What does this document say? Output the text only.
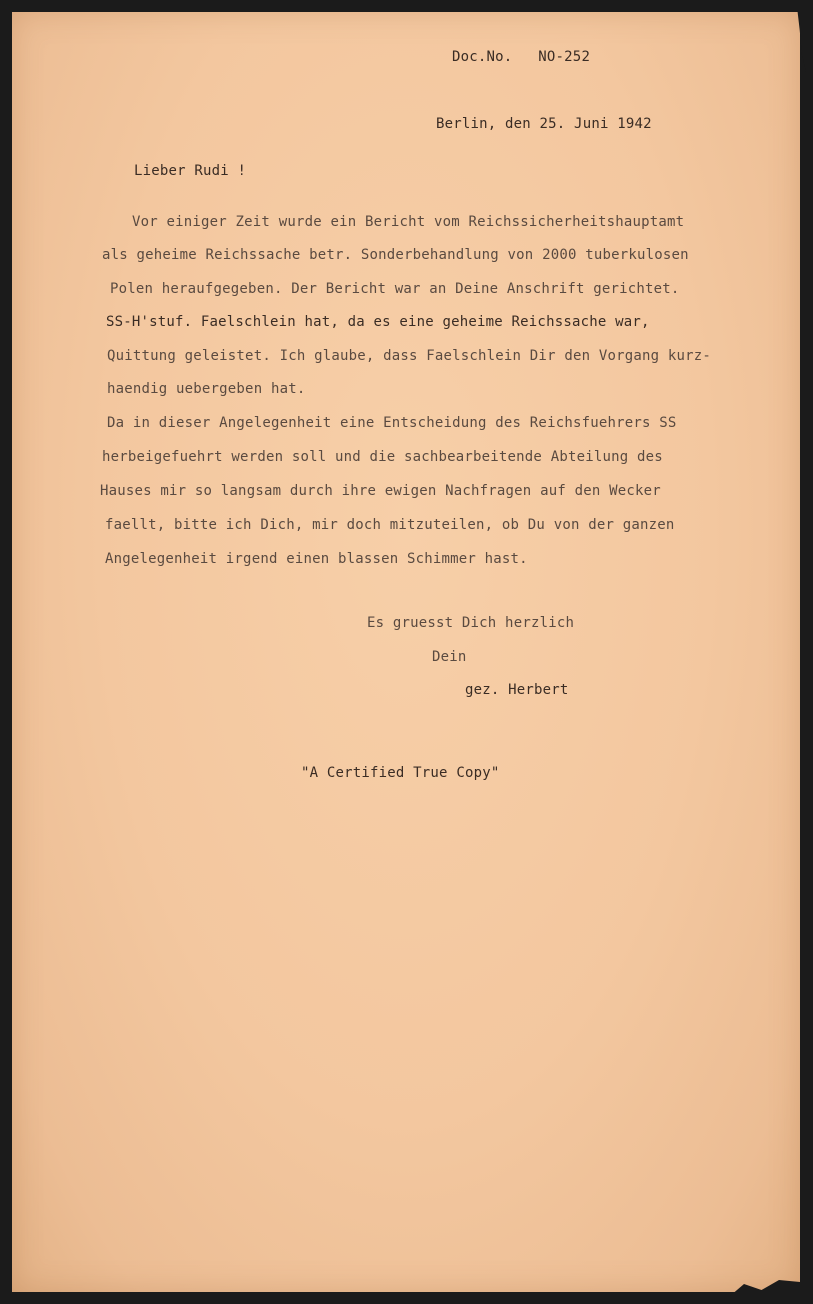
Doc.No. NO-252
Berlin, den 25. Juni 1942
Lieber Rudi !
Vor einiger Zeit wurde ein Bericht vom Reichssicherheitshauptamt
als geheime Reichssache betr. Sonderbehandlung von 2000 tuberkulosen
Polen heraufgegeben. Der Bericht war an Deine Anschrift gerichtet.
SS-H'stuf. Faelschlein hat, da es eine geheime Reichssache war,
Quittung geleistet. Ich glaube, dass Faelschlein Dir den Vorgang kurz-
haendig uebergeben hat.
Da in dieser Angelegenheit eine Entscheidung des Reichsfuehrers SS
herbeigefuehrt werden soll und die sachbearbeitende Abteilung des
Hauses mir so langsam durch ihre ewigen Nachfragen auf den Wecker
faellt, bitte ich Dich, mir doch mitzuteilen, ob Du von der ganzen
Angelegenheit irgend einen blassen Schimmer hast.
Es gruesst Dich herzlich
Dein
gez. Herbert
"A Certified True Copy"
